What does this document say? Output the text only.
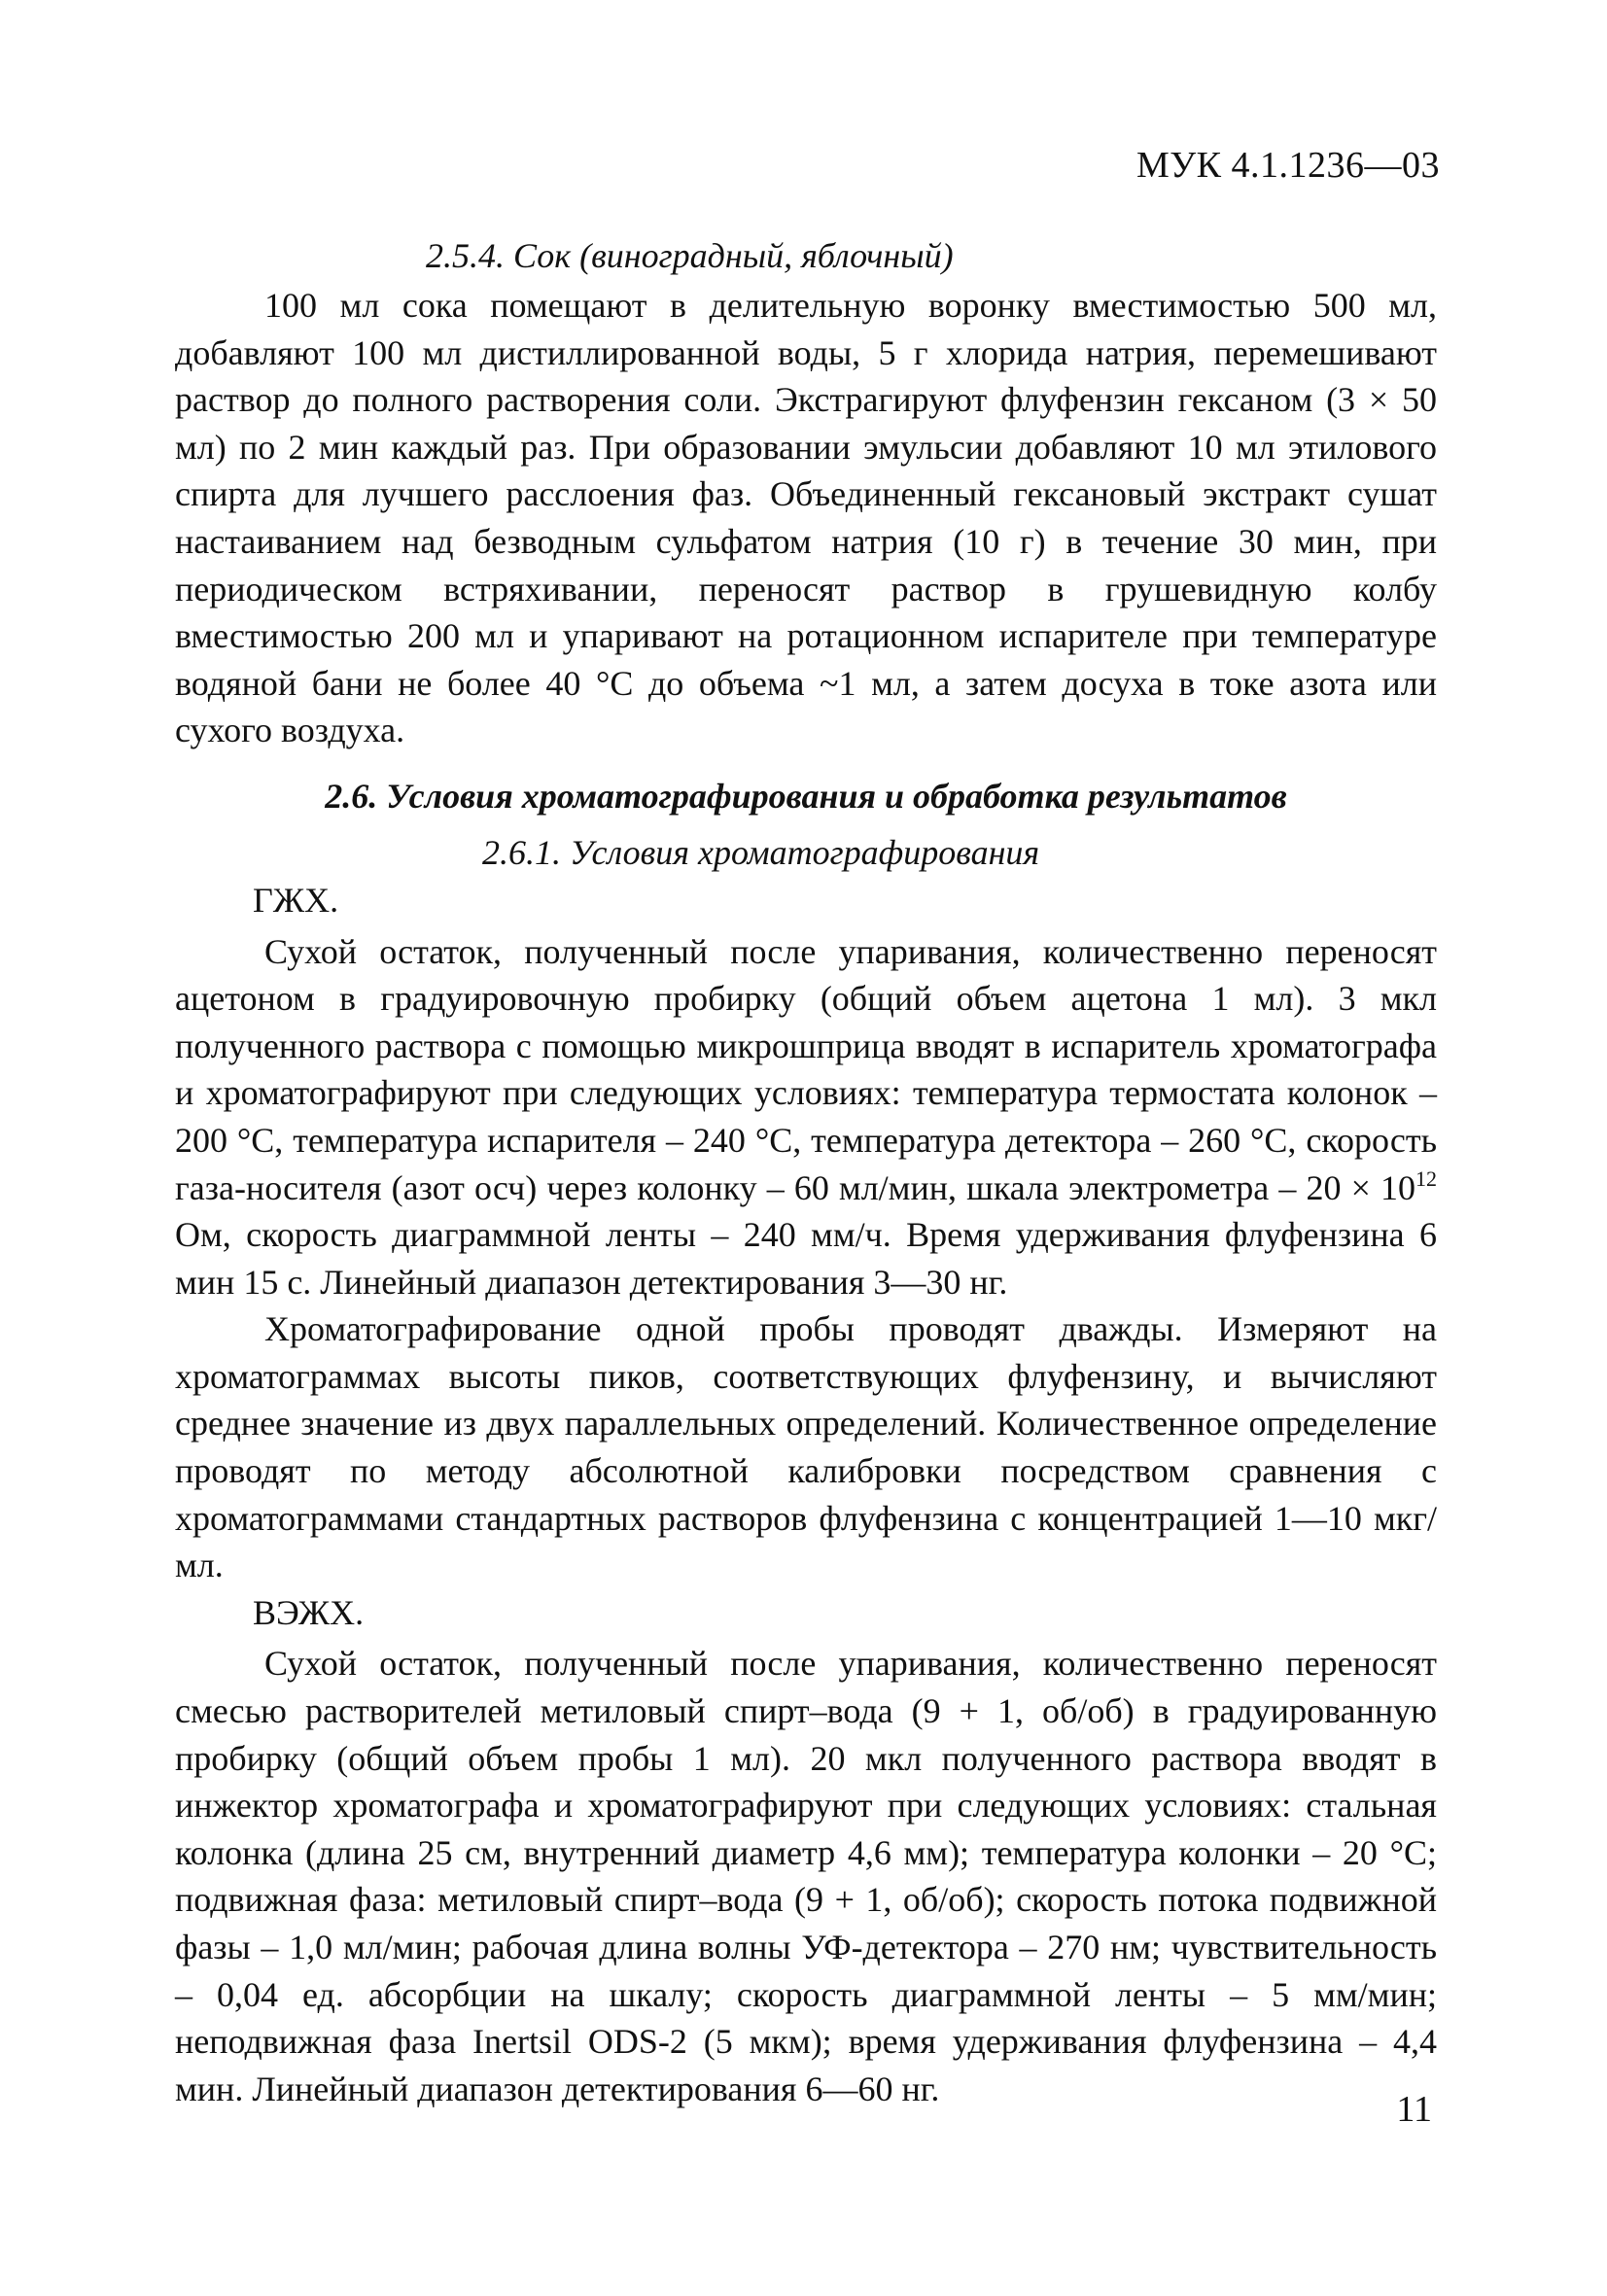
МУК 4.1.1236—03
2.5.4. Сок (виноградный, яблочный)

100 мл сока помещают в делительную воронку вместимостью 500 мл, добавляют 100 мл дистиллированной воды, 5 г хлорида натрия, перемешивают раствор до полного растворения соли. Экстрагируют флуфензин гексаном (3 × 50 мл) по 2 мин каждый раз. При образовании эмульсии добавляют 10 мл этилового спирта для лучшего расслоения фаз. Объединенный гексановый экстракт сушат настаиванием над безводным сульфатом натрия (10 г) в течение 30 мин, при периодическом встряхивании, переносят раствор в грушевидную колбу вместимостью 200 мл и упаривают на ротационном испарителе при температуре водяной бани не более 40 °С до объема ~1 мл, а затем досуха в токе азота или сухого воздуха.

2.6. Условия хроматографирования и обработка результатов
2.6.1. Условия хроматографирования
ГЖХ.

Сухой остаток, полученный после упаривания, количественно переносят ацетоном в градуировочную пробирку (общий объем ацетона 1 мл). 3 мкл полученного раствора с помощью микрошприца вводят в испаритель хроматографа и хроматографируют при следующих условиях: температура термостата колонок – 200 °С, температура испарителя – 240 °С, температура детектора – 260 °С, скорость газа-носителя (азот осч) через колонку – 60 мл/мин, шкала электрометра – $20 \times 10^{12}$ Ом, скорость диаграммной ленты – 240 мм/ч. Время удерживания флуфензина 6 мин 15 с. Линейный диапазон детектирования 3—30 нг.

Хроматографирование одной пробы проводят дважды. Измеряют на хроматограммах высоты пиков, соответствующих флуфензину, и вычисляют среднее значение из двух параллельных определений. Количественное определение проводят по методу абсолютной калибровки посредством сравнения с хроматограммами стандартных растворов флуфензина с концентрацией 1—10 мкг/мл.

ВЭЖХ.

Сухой остаток, полученный после упаривания, количественно переносят смесью растворителей метиловый спирт–вода (9 + 1, об/об) в градуированную пробирку (общий объем пробы 1 мл). 20 мкл полученного раствора вводят в инжектор хроматографа и хроматографируют при следующих условиях: стальная колонка (длина 25 см, внутренний диаметр 4,6 мм); температура колонки – 20 °С; подвижная фаза: метиловый спирт–вода (9 + 1, об/об); скорость потока подвижной фазы – 1,0 мл/мин; рабочая длина волны УФ-детектора – 270 нм; чувствительность – 0,04 ед. абсорбции на шкалу; скорость диаграммной ленты – 5 мм/мин; неподвижная фаза Inertsil ODS-2 (5 мкм); время удерживания флуфензина – 4,4 мин. Линейный диапазон детектирования 6—60 нг.

11
